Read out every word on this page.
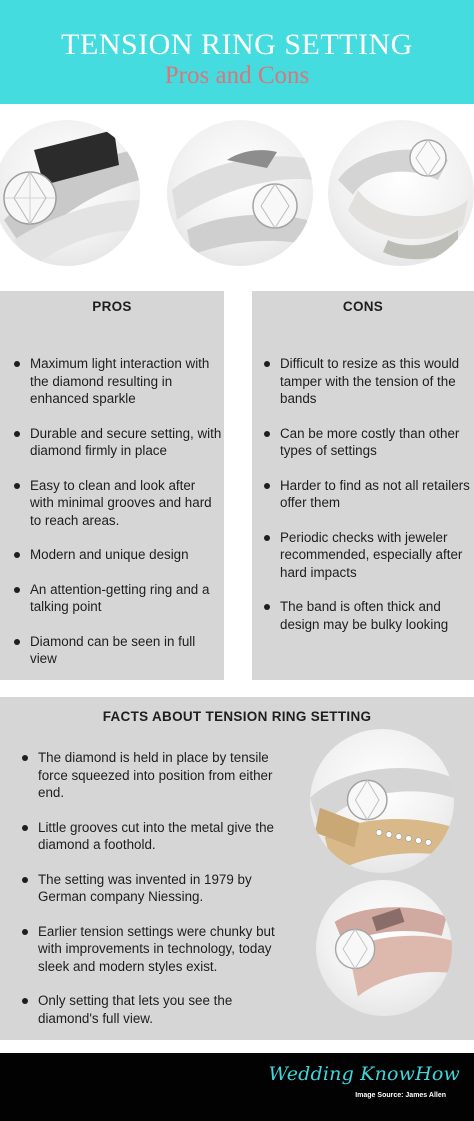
TENSION RING SETTING
Pros and Cons
PROS
Maximum light interaction with the diamond resulting in enhanced sparkle
Durable and secure setting, with diamond firmly in place
Easy to clean and look after with minimal grooves and hard to reach areas.
Modern and unique design
An attention-getting ring and a talking point
Diamond can be seen in full view
CONS
Difficult to resize as this would tamper with the tension of the bands
Can be more costly than other types of settings
Harder to find as not all retailers offer them
Periodic checks with jeweler recommended, especially after hard impacts
The band is often thick and design may be bulky looking
FACTS ABOUT TENSION RING SETTING
The diamond is held in place by tensile force squeezed into position from either end.
Little grooves cut into the metal give the diamond a foothold.
The setting was invented in 1979 by German company Niessing.
Earlier tension settings were chunky but with improvements in technology, today sleek and modern styles exist.
Only setting that lets you see the diamond's full view.
Wedding KnowHow
Image Source: James Allen
